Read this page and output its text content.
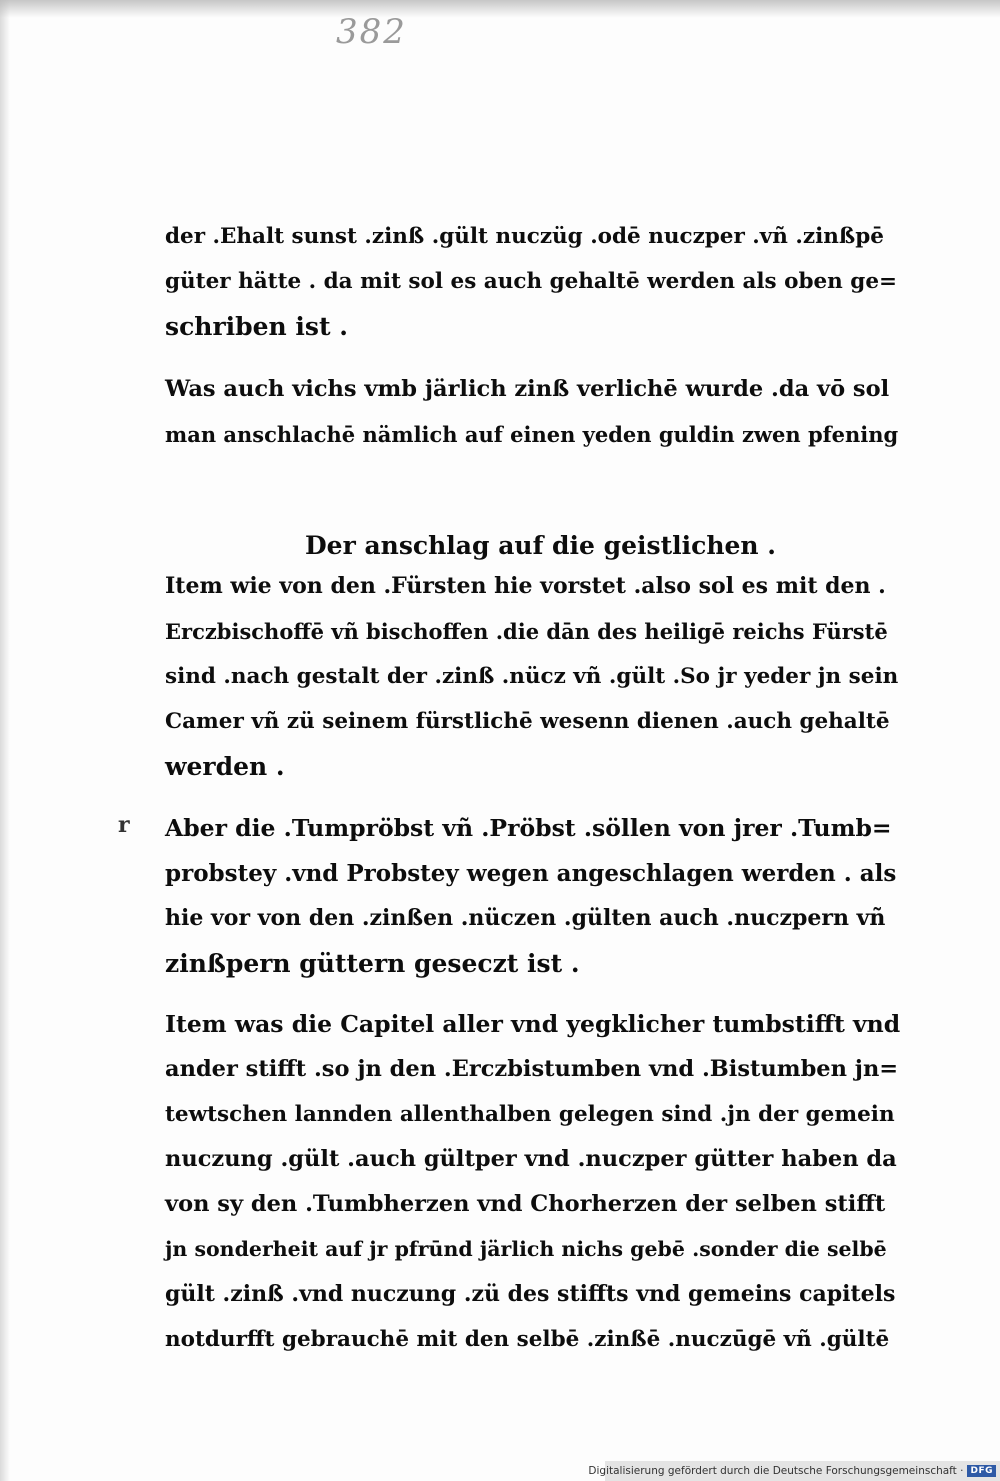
382

der .Ehalt sunst .zinß .gült nuczüg .odē nuczper .vñ .zinßpē
güter hätte . da mit sol es auch gehaltē werden als oben ge=
schriben ist .
Was auch vichs vmb järlich zinß verlichē wurde .da vō sol
man anschlachē nämlich auf einen yeden guldin zwen pfening
Der anschlag auf die geistlichen .
Item wie von den .Fürsten hie vorstet .also sol es mit den .
Erczbischoffē vñ bischoffen .die dān des heiligē reichs Fürstē
sind .nach gestalt der .zinß .nücz vñ .gült .So jr yeder jn sein
Camer vñ zü seinem fürstlichē wesenn dienen .auch gehaltē
werden .
r Aber die .Tumpröbst vñ .Pröbst .söllen von jrer .Tumb=
probstey .vnd Probstey wegen angeschlagen werden . als
hie vor von den .zinßen .nüczen .gülten auch .nuczpern vñ
zinßpern güttern geseczt ist .
Item was die Capitel aller vnd yegklicher tumbstifft vnd
ander stifft .so jn den .Erczbistumben vnd .Bistumben jn=
tewtschen lannden allenthalben gelegen sind .jn der gemein
nuczung .gült .auch gültper vnd .nuczper gütter haben da
von sy den .Tumbherzen vnd Chorherzen der selben stifft
jn sonderheit auf jr pfrūnd järlich nichs gebē .sonder die selbē
gült .zinß .vnd nuczung .zü des stiffts vnd gemeins capitels
notdurfft gebrauchē mit den selbē .zinßē .nuczūgē vñ .gültē
Digitalisierung gefördert durch die Deutsche Forschungsgemeinschaft · DFG
